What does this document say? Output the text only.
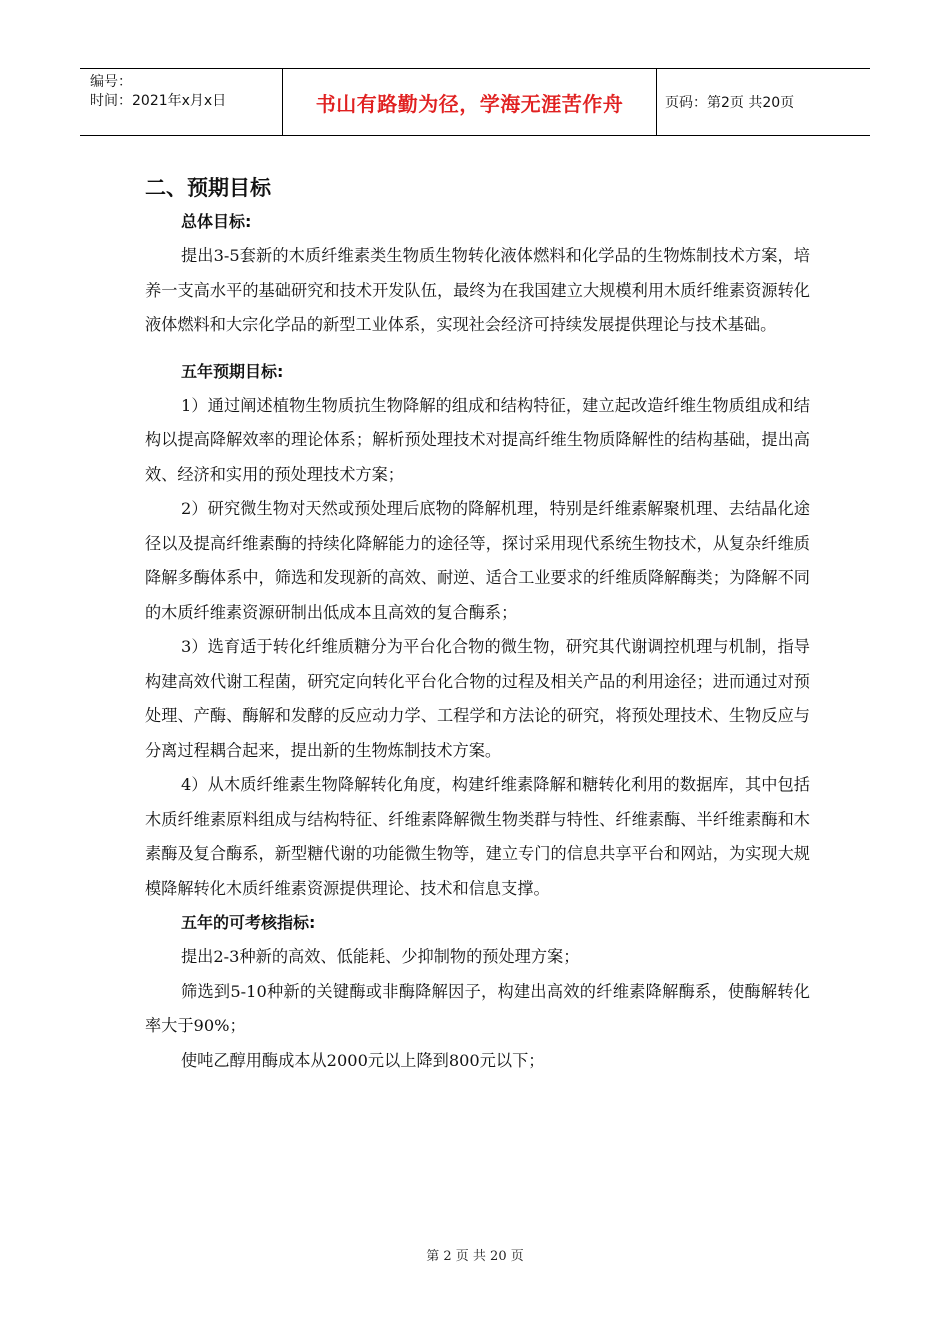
编号：
时间：2021年x月x日	书山有路勤为径，学海无涯苦作舟	页码：第2页 共20页
二、预期目标
总体目标:

提出3-5套新的木质纤维素类生物质生物转化液体燃料和化学品的生物炼制技术方案，培养一支高水平的基础研究和技术开发队伍，最终为在我国建立大规模利用木质纤维素资源转化液体燃料和大宗化学品的新型工业体系，实现社会经济可持续发展提供理论与技术基础。

五年预期目标:

1）通过阐述植物生物质抗生物降解的组成和结构特征，建立起改造纤维生物质组成和结构以提高降解效率的理论体系；解析预处理技术对提高纤维生物质降解性的结构基础，提出高效、经济和实用的预处理技术方案；

2）研究微生物对天然或预处理后底物的降解机理，特别是纤维素解聚机理、去结晶化途径以及提高纤维素酶的持续化降解能力的途径等，探讨采用现代系统生物技术，从复杂纤维质降解多酶体系中，筛选和发现新的高效、耐逆、适合工业要求的纤维质降解酶类；为降解不同的木质纤维素资源研制出低成本且高效的复合酶系；

3）选育适于转化纤维质糖分为平台化合物的微生物，研究其代谢调控机理与机制，指导构建高效代谢工程菌，研究定向转化平台化合物的过程及相关产品的利用途径；进而通过对预处理、产酶、酶解和发酵的反应动力学、工程学和方法论的研究，将预处理技术、生物反应与分离过程耦合起来，提出新的生物炼制技术方案。

4）从木质纤维素生物降解转化角度，构建纤维素降解和糖转化利用的数据库，其中包括木质纤维素原料组成与结构特征、纤维素降解微生物类群与特性、纤维素酶、半纤维素酶和木素酶及复合酶系，新型糖代谢的功能微生物等，建立专门的信息共享平台和网站，为实现大规模降解转化木质纤维素资源提供理论、技术和信息支撑。

五年的可考核指标:

提出2-3种新的高效、低能耗、少抑制物的预处理方案；

筛选到5-10种新的关键酶或非酶降解因子，构建出高效的纤维素降解酶系，使酶解转化率大于90%；

使吨乙醇用酶成本从2000元以上降到800元以下；

第 2 页 共 20 页
